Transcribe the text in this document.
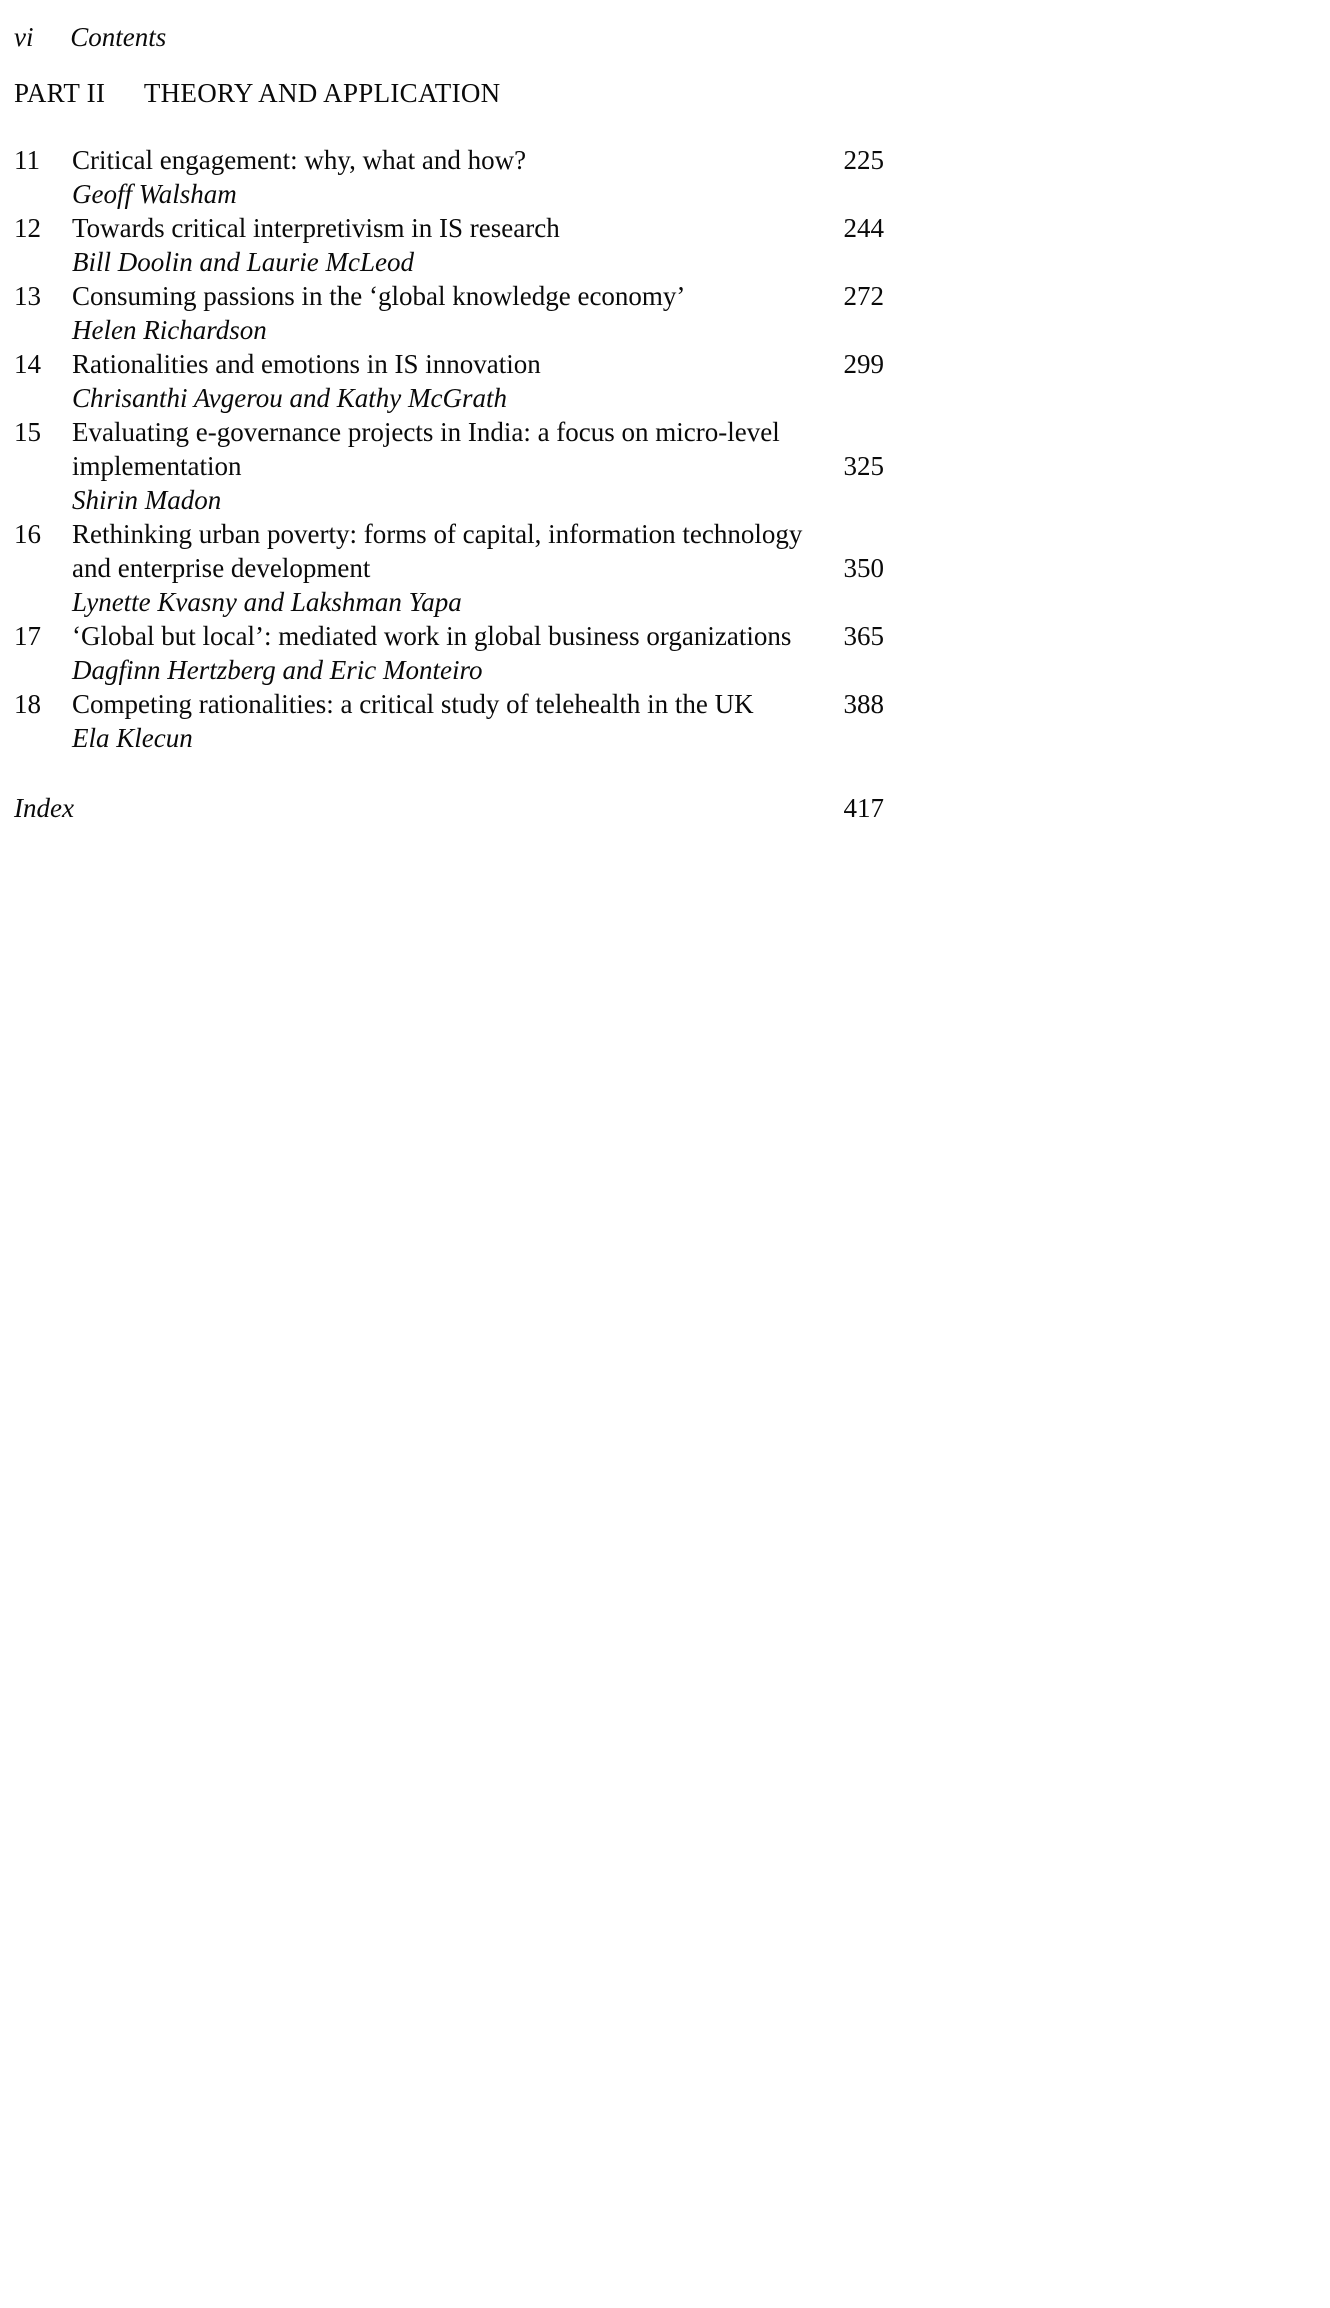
vi Contents
PART II THEORY AND APPLICATION
11	Critical engagement: why, what and how?	225
Geoff Walsham
12	Towards critical interpretivism in IS research	244
Bill Doolin and Laurie McLeod
13	Consuming passions in the ‘global knowledge economy’	272
Helen Richardson
14	Rationalities and emotions in IS innovation	299
Chrisanthi Avgerou and Kathy McGrath
15	Evaluating e-governance projects in India: a focus on micro-level implementation	325
Shirin Madon
16	Rethinking urban poverty: forms of capital, information technology and enterprise development	350
Lynette Kvasny and Lakshman Yapa
17	‘Global but local’: mediated work in global business organizations	365
Dagfinn Hertzberg and Eric Monteiro
18	Competing rationalities: a critical study of telehealth in the UK	388
Ela Klecun
Index	417
